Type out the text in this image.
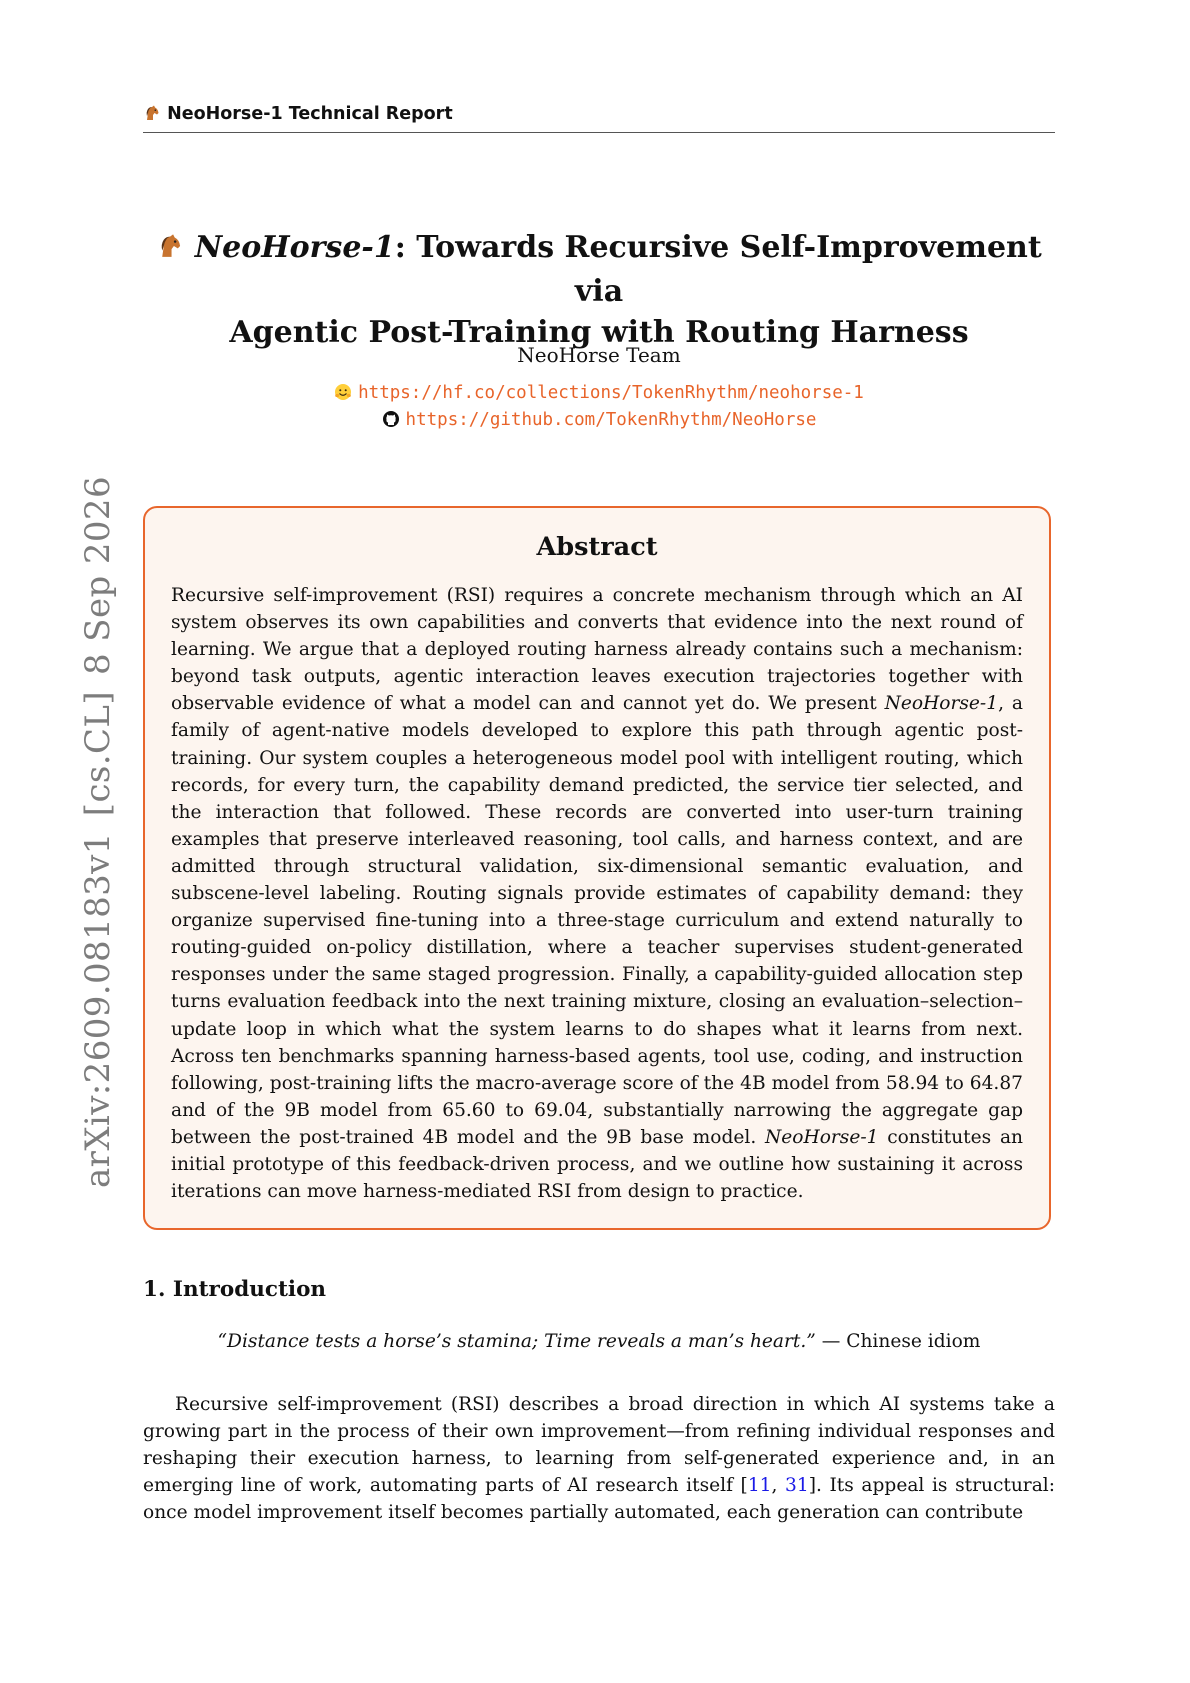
NeoHorse-1 Technical Report
arXiv:2609.08183v1[cs.CL]8 Sep 2026
NeoHorse-1: Towards Recursive Self-Improvement via
Agentic Post-Training with Routing Harness
NeoHorse Team
https://hf.co/collections/TokenRhythm/neohorse-1
https://github.com/TokenRhythm/NeoHorse
Abstract
Recursive self-improvement (RSI) requires a concrete mechanism through which an AI system observes its own capabilities and converts that evidence into the next round of learning. We argue that a deployed routing harness already contains such a mechanism: beyond task outputs, agentic interaction leaves execution trajectories together with observable evidence of what a model can and cannot yet do. We present NeoHorse-1, a family of agent-native models developed to explore this path through agentic post-training. Our system couples a heterogeneous model pool with intelligent routing, which records, for every turn, the capability demand predicted, the service tier selected, and the interaction that followed. These records are converted into user-turn training examples that preserve interleaved reasoning, tool calls, and harness context, and are admitted through structural validation, six-dimensional semantic evaluation, and subscene-level labeling. Routing signals provide estimates of capability demand: they organize supervised fine-tuning into a three-stage curriculum and extend naturally to routing-guided on-policy distillation, where a teacher supervises student-generated responses under the same staged progression. Finally, a capability-guided allocation step turns evaluation feedback into the next training mixture, closing an evaluation–selection–update loop in which what the system learns to do shapes what it learns from next. Across ten benchmarks spanning harness-based agents, tool use, coding, and instruction following, post-training lifts the macro-average score of the 4B model from 58.94 to 64.87 and of the 9B model from 65.60 to 69.04, substantially narrowing the aggregate gap between the post-trained 4B model and the 9B base model. NeoHorse-1 constitutes an initial prototype of this feedback-driven process, and we outline how sustaining it across iterations can move harness-mediated RSI from design to practice.
1. Introduction
“Distance tests a horse’s stamina; Time reveals a man’s heart.” — Chinese idiom
Recursive self-improvement (RSI) describes a broad direction in which AI systems take a growing part in the process of their own improvement—from refining individual responses and reshaping their execution harness, to learning from self-generated experience and, in an emerging line of work, automating parts of AI research itself [11, 31]. Its appeal is structural: once model improvement itself becomes partially automated, each generation can contribute
